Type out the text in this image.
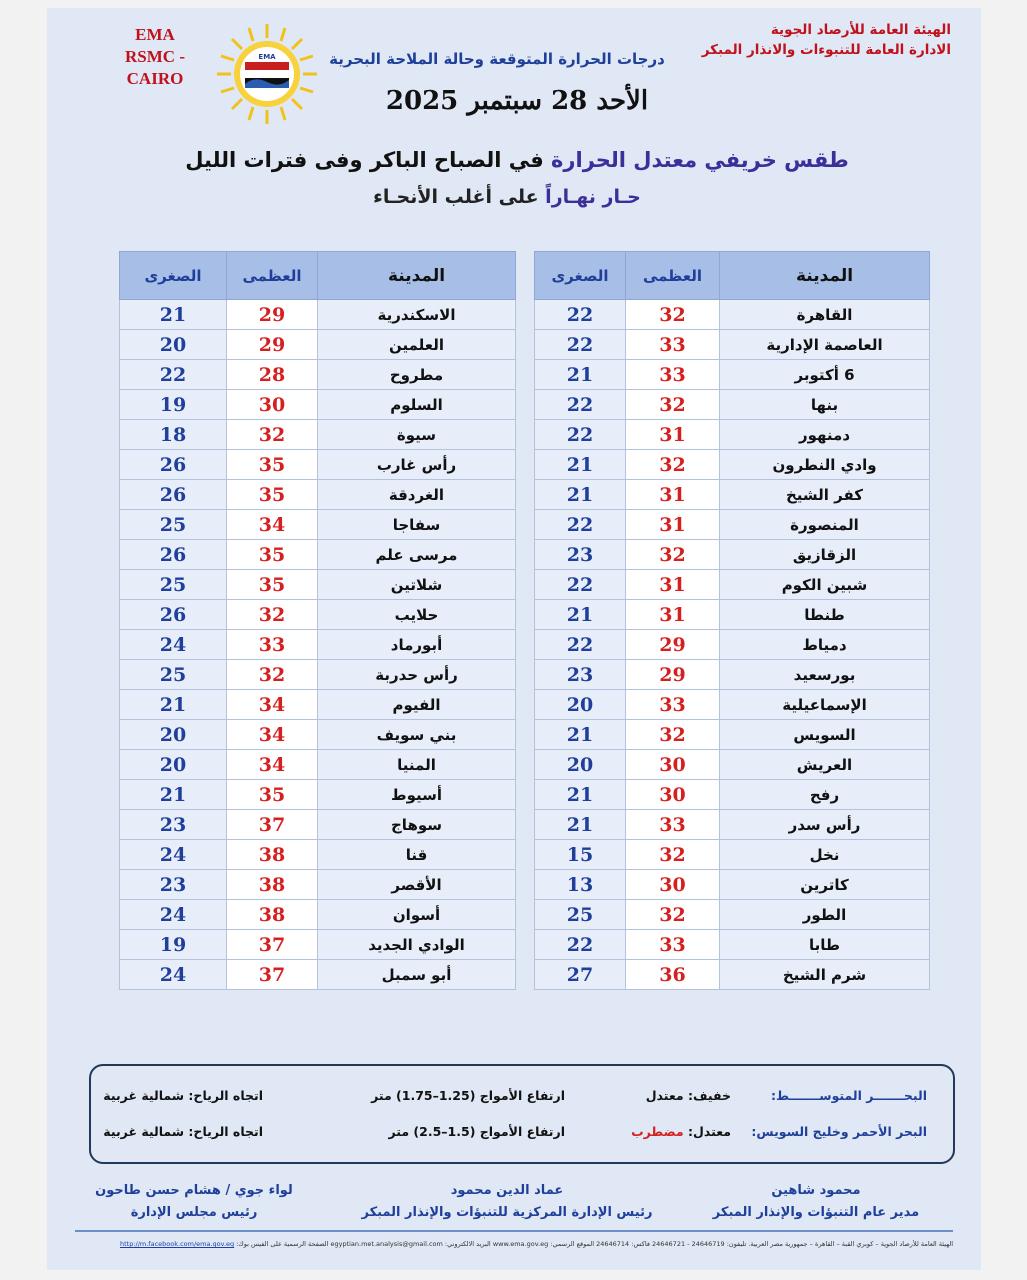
EMA
RSMC - CAIRO
EMA
الهيئة العامة للأرصاد الجوية
الادارة العامة للتنبوءات والانذار المبكر
درجات الحرارة المتوقعة وحالة الملاحة البحرية
الأحد 28 سبتمبر 2025
طقس خريفي معتدل الحرارة في الصباح الباكر وفى فترات الليل
حـار نهـاراً على أغلب الأنحـاء
المدينة	العظمى	الصغرى
القاهرة	32	22
العاصمة الإدارية	33	22
6 أكتوبر	33	21
بنها	32	22
دمنهور	31	22
وادي النطرون	32	21
كفر الشيخ	31	21
المنصورة	31	22
الزقازيق	32	23
شبين الكوم	31	22
طنطا	31	21
دمياط	29	22
بورسعيد	29	23
الإسماعيلية	33	20
السويس	32	21
العريش	30	20
رفح	30	21
رأس سدر	33	21
نخل	32	15
كاترين	30	13
الطور	32	25
طابا	33	22
شرم الشيخ	36	27
المدينة	العظمى	الصغرى
الاسكندرية	29	21
العلمين	29	20
مطروح	28	22
السلوم	30	19
سيوة	32	18
رأس غارب	35	26
الغردقة	35	26
سفاجا	34	25
مرسى علم	35	26
شلاتين	35	25
حلايب	32	26
أبورماد	33	24
رأس حدربة	32	25
الفيوم	34	21
بني سويف	34	20
المنيا	34	20
أسيوط	35	21
سوهاج	37	23
قنا	38	24
الأقصر	38	23
أسوان	38	24
الوادي الجديد	37	19
أبو سمبل	37	24
البحـــــــر المتوســـــــط:
خفيف: معتدل
ارتفاع الأمواج (1.25–1.75) متر
اتجاه الرياح: شمالية غربية
البحر الأحمر وخليج السويس:
معتدل: مضطرب
ارتفاع الأمواج (1.5–2.5) متر
اتجاه الرياح: شمالية غربية
محمود شاهين
مدير عام التنبؤات والإنذار المبكر
عماد الدين محمود
رئيس الإدارة المركزية للتنبؤات والإنذار المبكر
لواء جوي / هشام حسن طاحون
رئيس مجلس الإدارة
الهيئة العامة للأرصاد الجوية – كوبري القبة – القاهرة – جمهورية مصر العربية. تليفون: 24646719 - 24646721 فاكس: 24646714 الموقع الرسمي: www.ema.gov.eg البريد الالكتروني: egyptian.met.analysis@gmail.com الصفحة الرسمية على الفيس بوك: http://m.facebook.com/ema.gov.eg
